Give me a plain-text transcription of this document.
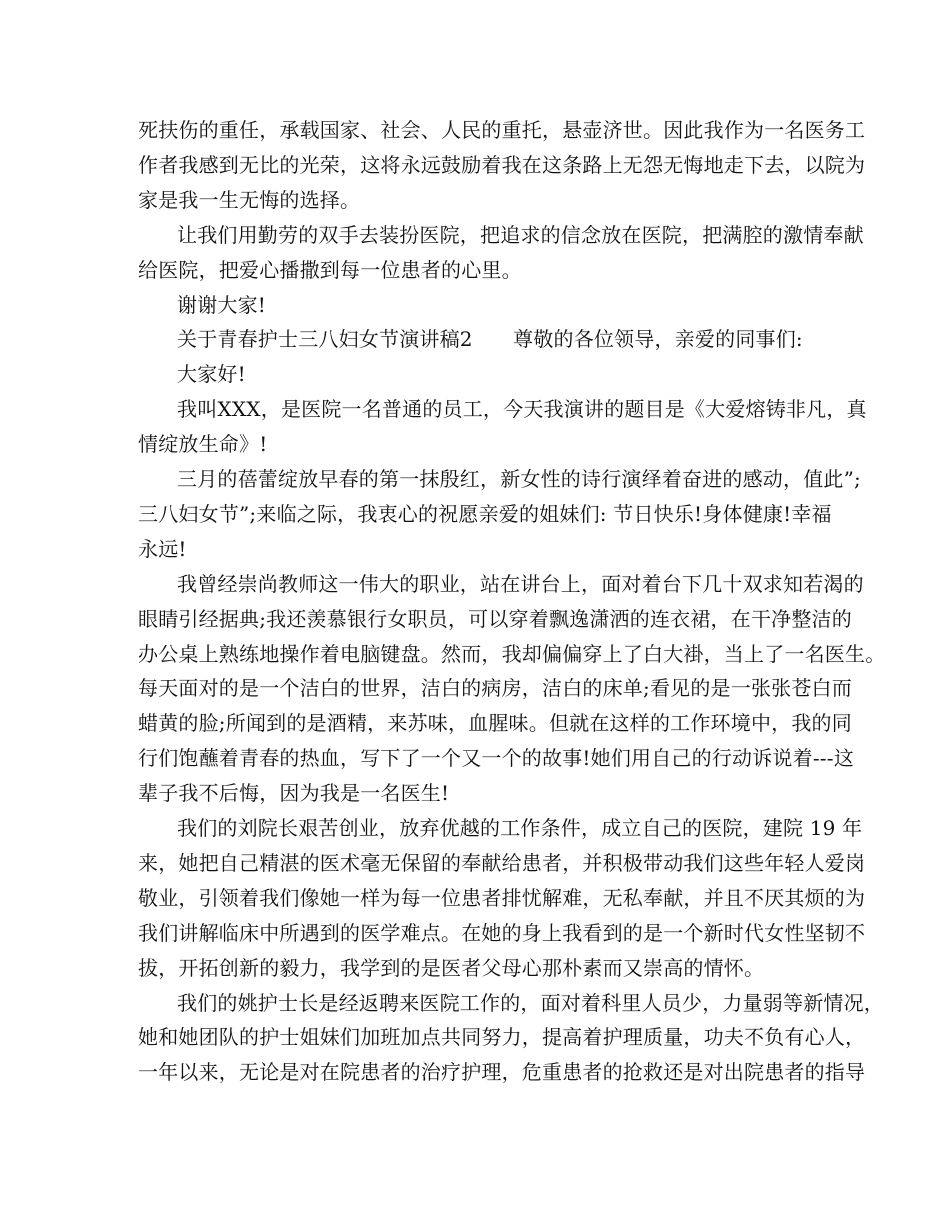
死扶伤的重任，承载国家、社会、人民的重托，悬壶济世。因此我作为一名医务工
作者我感到无比的光荣，这将永远鼓励着我在这条路上无怨无悔地走下去，以院为
家是我一生无悔的选择。
让我们用勤劳的双手去装扮医院，把追求的信念放在医院，把满腔的激情奉献
给医院，把爱心播撒到每一位患者的心里。
谢谢大家!
关于青春护士三八妇女节演讲稿2　　尊敬的各位领导，亲爱的同事们:
大家好!
我叫XXX，是医院一名普通的员工，今天我演讲的题目是《大爱熔铸非凡，真
情绽放生命》!
三月的蓓蕾绽放早春的第一抹殷红，新女性的诗行演绎着奋进的感动，值此”;
三八妇女节”;来临之际，我衷心的祝愿亲爱的姐妹们: 节日快乐!身体健康!幸福
永远!
我曾经崇尚教师这一伟大的职业，站在讲台上，面对着台下几十双求知若渴的
眼睛引经据典;我还羡慕银行女职员，可以穿着飘逸潇洒的连衣裙，在干净整洁的
办公桌上熟练地操作着电脑键盘。然而，我却偏偏穿上了白大褂，当上了一名医生。
每天面对的是一个洁白的世界，洁白的病房，洁白的床单;看见的是一张张苍白而
蜡黄的脸;所闻到的是酒精，来苏味，血腥味。但就在这样的工作环境中，我的同
行们饱蘸着青春的热血，写下了一个又一个的故事!她们用自己的行动诉说着---这
辈子我不后悔，因为我是一名医生!
我们的刘院长艰苦创业，放弃优越的工作条件，成立自己的医院，建院 19 年
来，她把自己精湛的医术毫无保留的奉献给患者，并积极带动我们这些年轻人爱岗
敬业，引领着我们像她一样为每一位患者排忧解难，无私奉献，并且不厌其烦的为
我们讲解临床中所遇到的医学难点。在她的身上我看到的是一个新时代女性坚韧不
拔，开拓创新的毅力，我学到的是医者父母心那朴素而又崇高的情怀。
我们的姚护士长是经返聘来医院工作的，面对着科里人员少，力量弱等新情况，
她和她团队的护士姐妹们加班加点共同努力，提高着护理质量，功夫不负有心人，
一年以来，无论是对在院患者的治疗护理，危重患者的抢救还是对出院患者的指导
